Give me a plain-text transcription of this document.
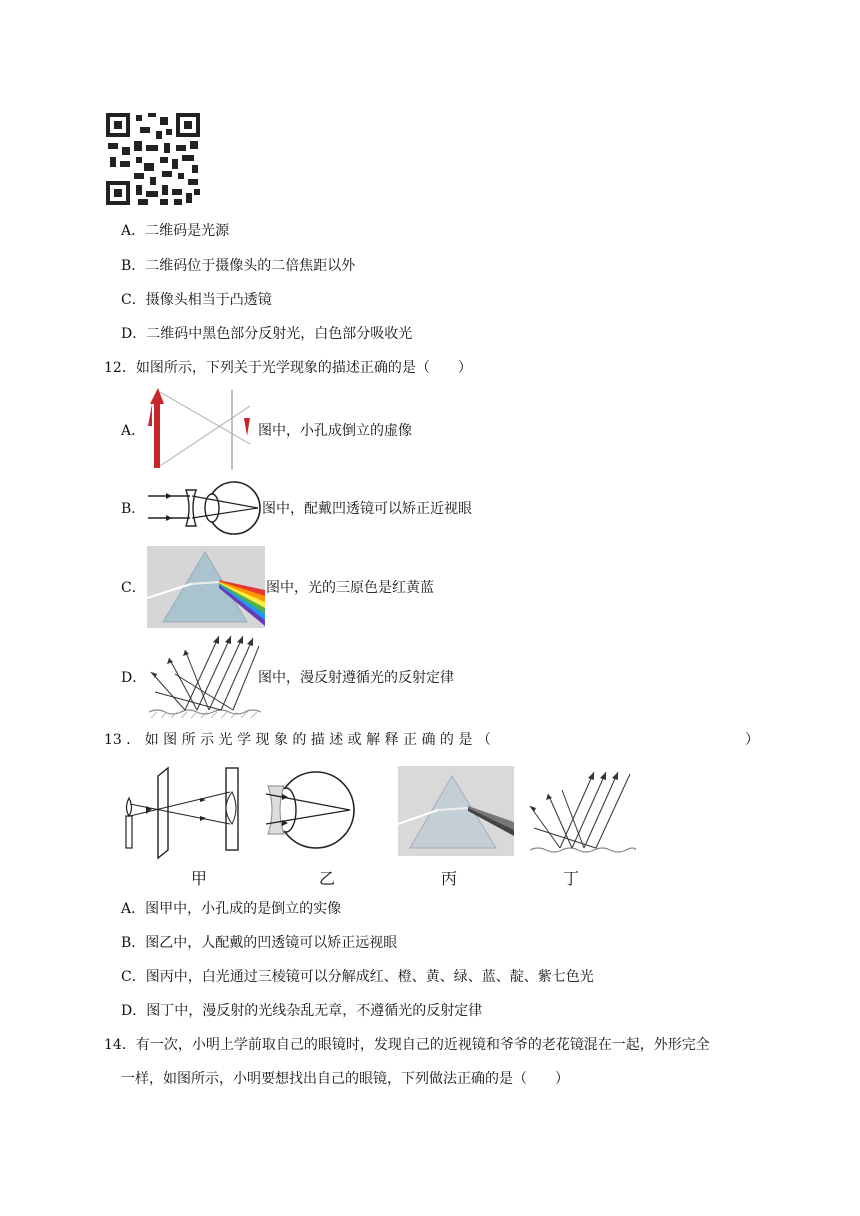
A．二维码是光源
B．二维码位于摄像头的二倍焦距以外
C．摄像头相当于凸透镜
D．二维码中黑色部分反射光，白色部分吸收光
12．如图所示，下列关于光学现象的描述正确的是（　　）
A．	图中，小孔成倒立的虚像
B．	图中，配戴凹透镜可以矫正近视眼
C．	图中，光的三原色是红黄蓝
D．	图中，漫反射遵循光的反射定律
13 ． 如 图 所 示 光 学 现 象 的 描 述 或 解 释 正 确 的 是 （	）
甲	乙	丙	丁
A．图甲中，小孔成的是倒立的实像
B．图乙中，人配戴的凹透镜可以矫正远视眼
C．图丙中，白光通过三棱镜可以分解成红、橙、黄、绿、蓝、靛、紫七色光
D．图丁中，漫反射的光线杂乱无章，不遵循光的反射定律
14．有一次，小明上学前取自己的眼镜时，发现自己的近视镜和爷爷的老花镜混在一起，外形完全
一样，如图所示，小明要想找出自己的眼镜，下列做法正确的是（　　）
